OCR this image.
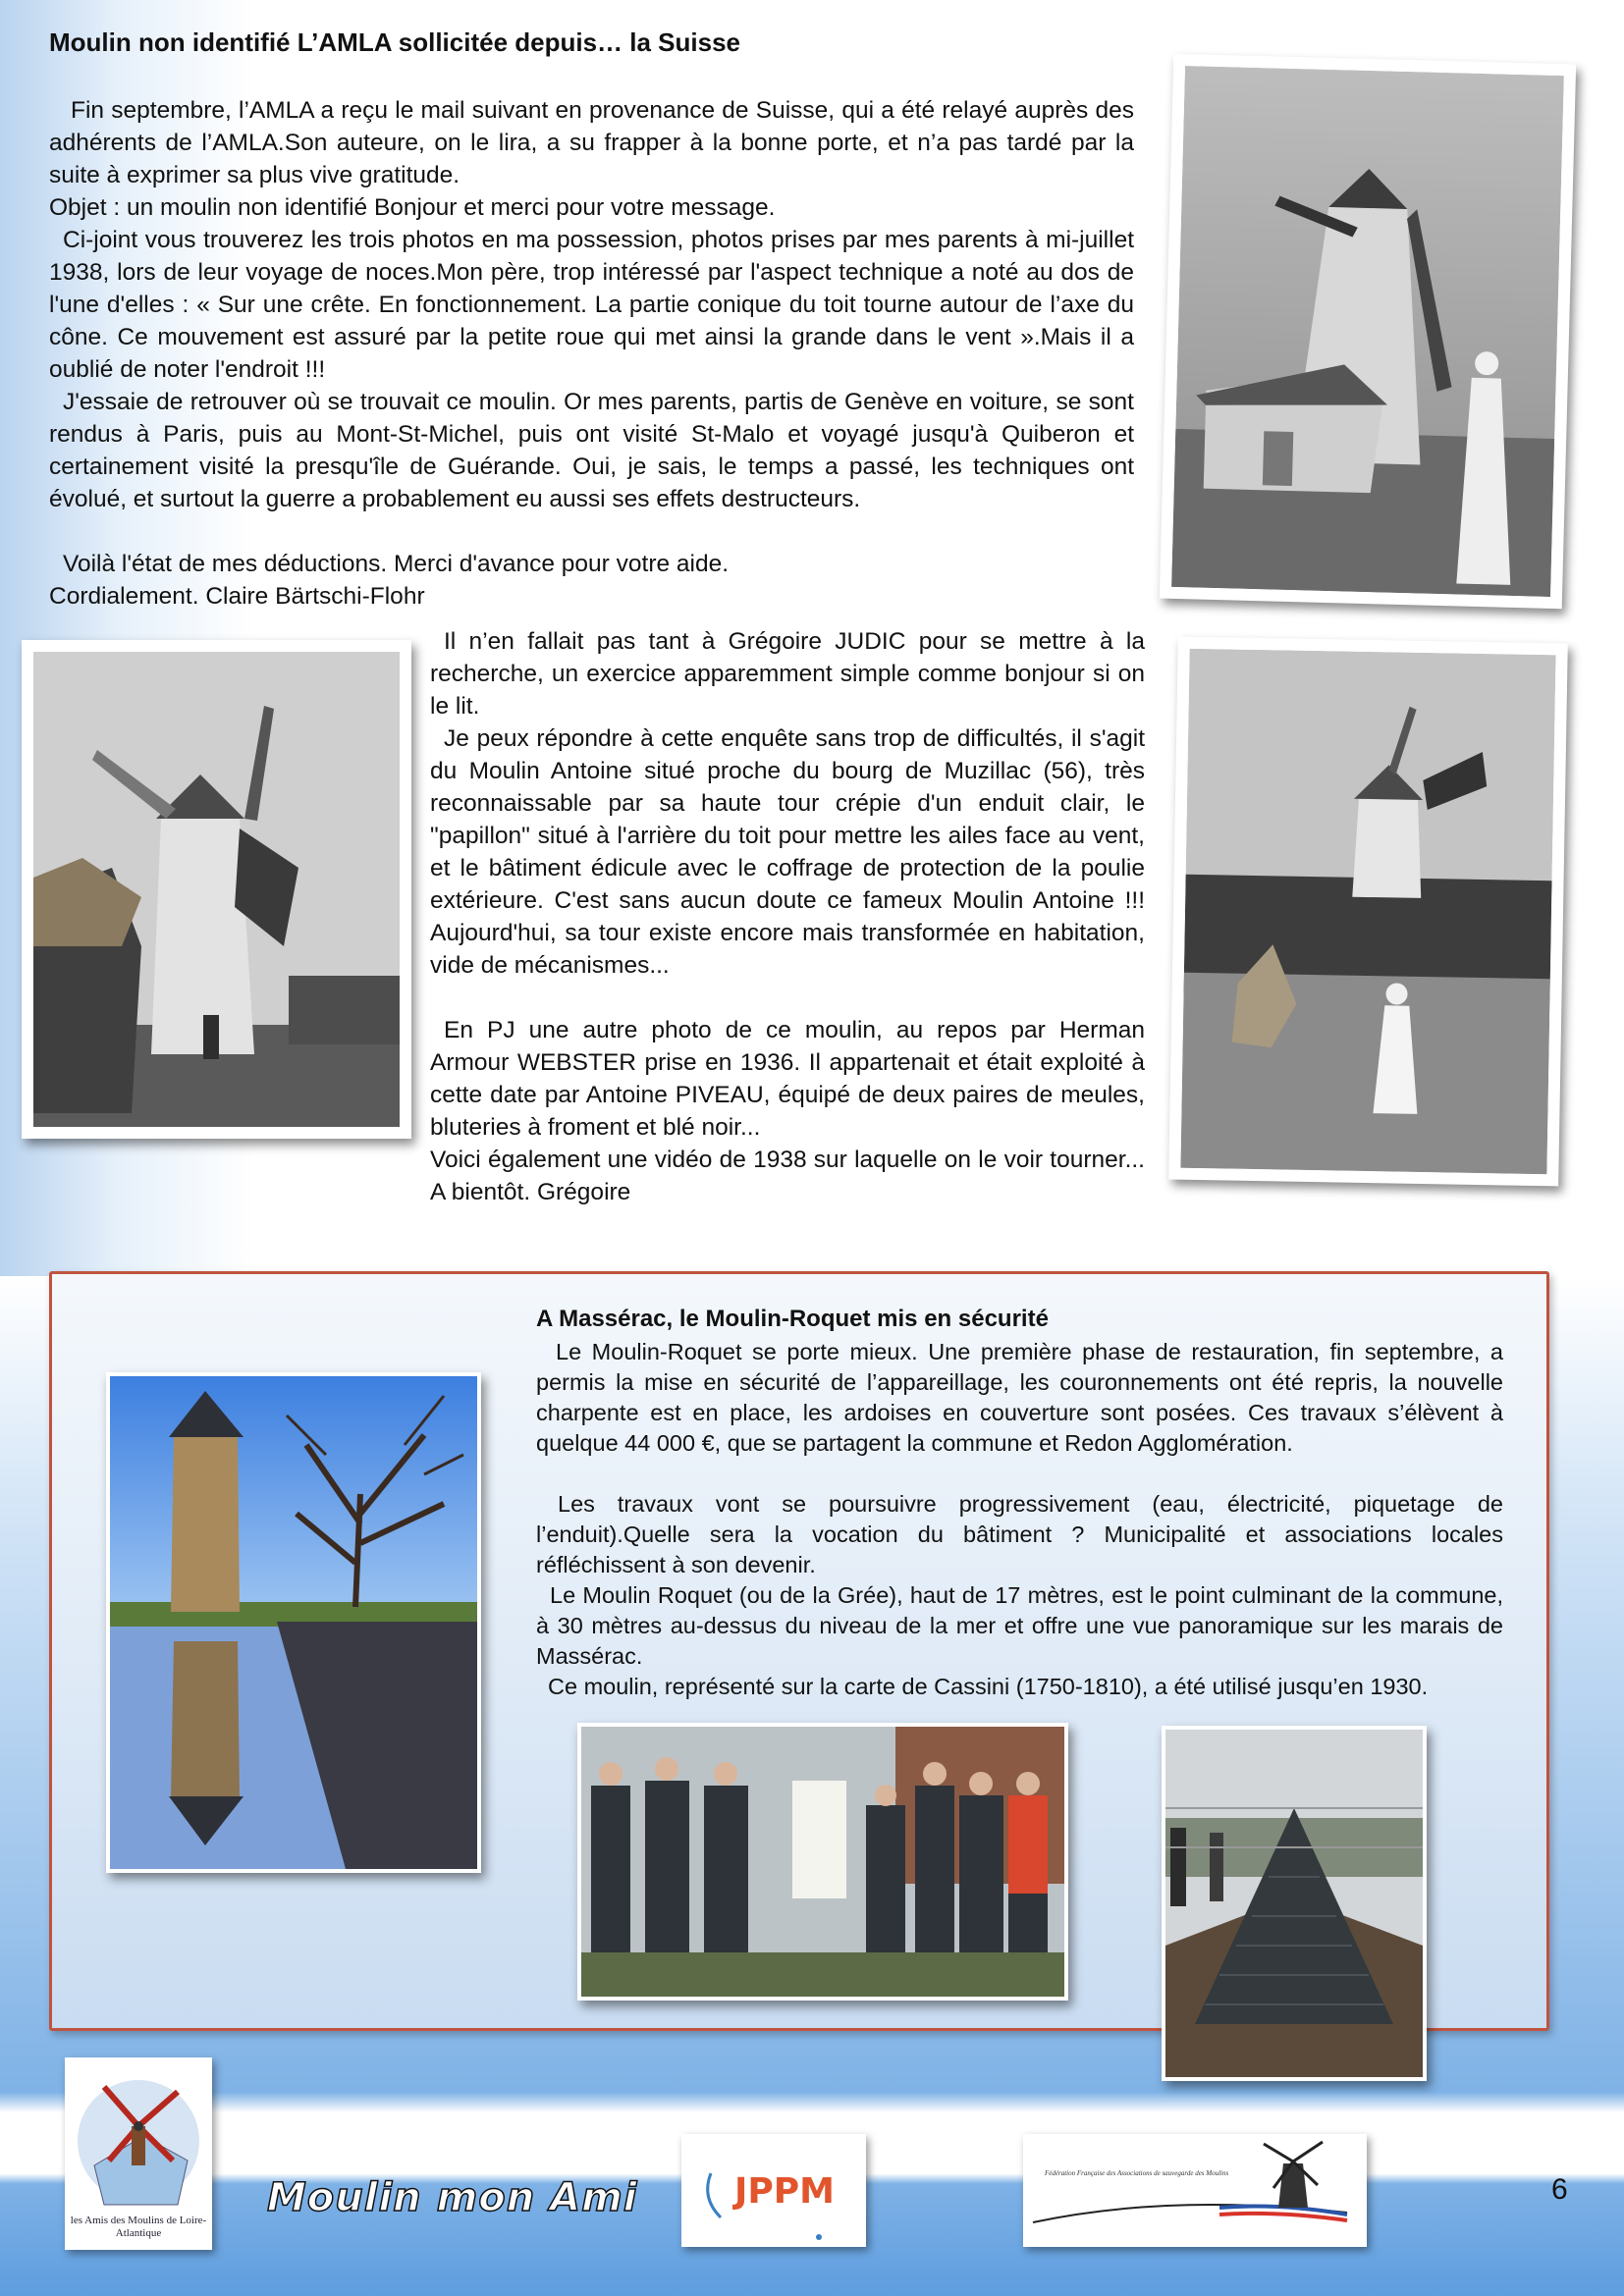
Moulin non identifié L’AMLA sollicitée depuis… la Suisse

Fin septembre, l’AMLA a reçu le mail suivant en provenance de Suisse, qui a été relayé auprès des adhérents de l’AMLA.Son auteure, on le lira, a su frapper à la bonne porte, et n’a pas tardé par la suite à exprimer sa plus vive gratitude.

Objet : un moulin non identifié Bonjour et merci pour votre message.

Ci-joint vous trouverez les trois photos en ma possession, photos prises par mes parents à mi-juillet 1938, lors de leur voyage de noces.Mon père, trop intéressé par l'aspect technique a noté au dos de l'une d'elles : « Sur une crête. En fonctionnement. La partie conique du toit tourne autour de l’axe du cône. Ce mouvement est assuré par la petite roue qui met ainsi la grande dans le vent ».Mais il a oublié de noter l'endroit !!!

J'essaie de retrouver où se trouvait ce moulin. Or mes parents, partis de Genève en voiture, se sont rendus à Paris, puis au Mont-St-Michel, puis ont visité St-Malo et voyagé jusqu'à Quiberon et certainement visité la presqu'île de Guérande. Oui, je sais, le temps a passé, les techniques ont évolué, et surtout la guerre a probablement eu aussi ses effets destructeurs.

Voilà l'état de mes déductions. Merci d'avance pour votre aide.

Cordialement. Claire Bärtschi-Flohr

Il n’en fallait pas tant à Grégoire JUDIC pour se mettre à la recherche, un exercice apparemment simple comme bonjour si on le lit.

Je peux répondre à cette enquête sans trop de difficultés, il s'agit du Moulin Antoine situé proche du bourg de Muzillac (56), très reconnaissable par sa haute tour crépie d'un enduit clair, le "papillon" situé à l'arrière du toit pour mettre les ailes face au vent, et le bâtiment édicule avec le coffrage de protection de la poulie extérieure. C'est sans aucun doute ce fameux Moulin Antoine !!! Aujourd'hui, sa tour existe encore mais transformée en habitation, vide de mécanismes...

En PJ une autre photo de ce moulin, au repos par Herman Armour WEBSTER prise en 1936. Il appartenait et était exploité à cette date par Antoine PIVEAU, équipé de deux paires de meules, bluteries à froment et blé noir...

Voici également une vidéo de 1938 sur laquelle on le voir tourner... A bientôt. Grégoire

A Massérac, le Moulin-Roquet mis en sécurité

Le Moulin-Roquet se porte mieux. Une première phase de restauration, fin septembre, a permis la mise en sécurité de l’appareillage, les couronnements ont été repris, la nouvelle charpente est en place, les ardoises en couverture sont posées. Ces travaux s’élèvent à quelque 44 000 €, que se partagent la commune et Redon Agglomération.

Les travaux vont se poursuivre progressivement (eau, électricité, piquetage de l’enduit).Quelle sera la vocation du bâtiment ? Municipalité et associations locales réfléchissent à son devenir.

Le Moulin Roquet (ou de la Grée), haut de 17 mètres, est le point culminant de la commune, à 30 mètres au-dessus du niveau de la mer et offre une vue panoramique sur les marais de Massérac.

Ce moulin, représenté sur la carte de Cassini (1750-1810), a été utilisé jusqu’en 1930.

les Amis des Moulins de Loire-Atlantique
Moulin mon Ami	JPPM	Fédération Française des Associations de sauvegarde des Moulins	6
